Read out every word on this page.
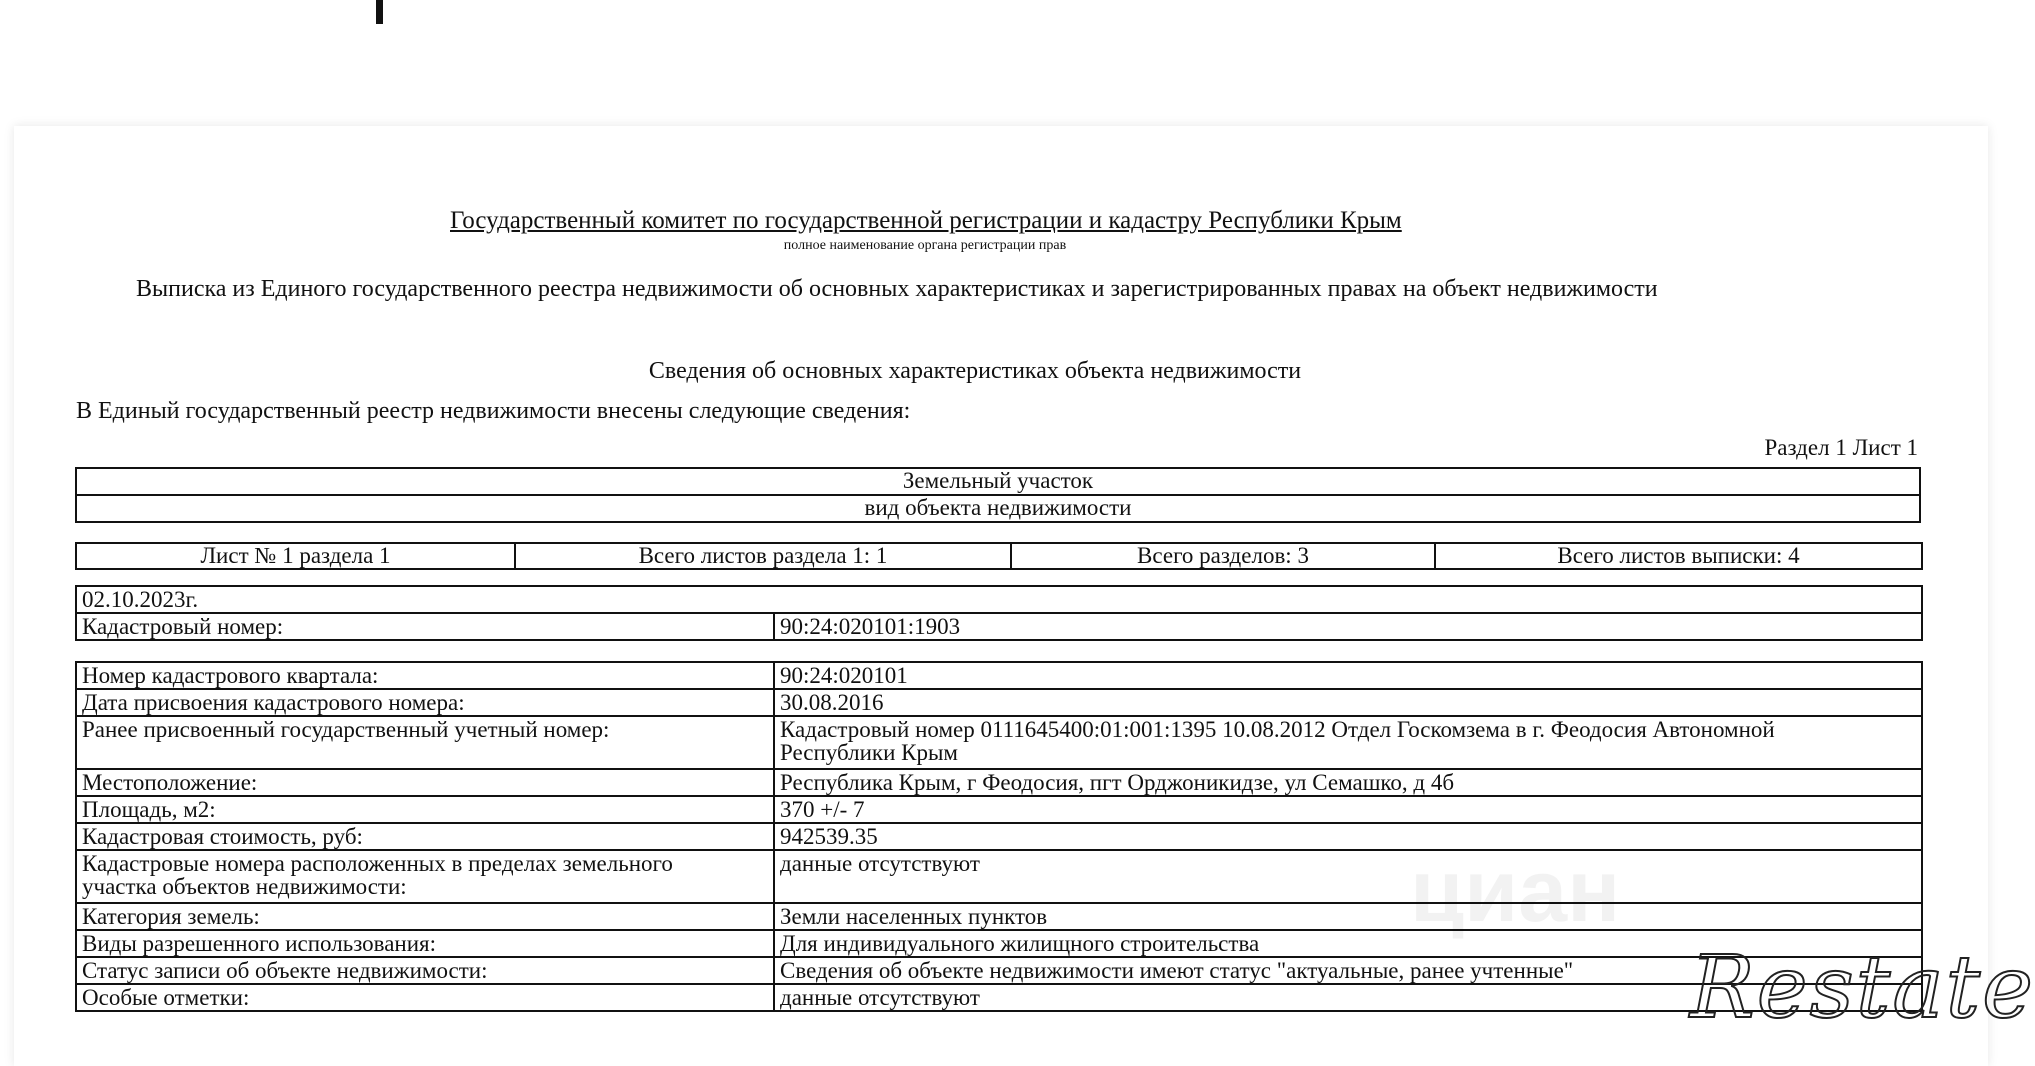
Государственный комитет по государственной регистрации и кадастру Республики Крым
полное наименование органа регистрации прав
Выписка из Единого государственного реестра недвижимости об основных характеристиках и зарегистрированных правах на объект недвижимости
Сведения об основных характеристиках объекта недвижимости
В Единый государственный реестр недвижимости внесены следующие сведения:
Раздел 1 Лист 1
Земельный участок
вид объекта недвижимости
Лист № 1 раздела 1	Всего листов раздела 1: 1	Всего разделов: 3	Всего листов выписки: 4
02.10.2023г.
Кадастровый номер:	90:24:020101:1903
Номер кадастрового квартала:	90:24:020101
Дата присвоения кадастрового номера:	30.08.2016
Ранее присвоенный государственный учетный номер:	Кадастровый номер 0111645400:01:001:1395 10.08.2012 Отдел Госкомзема в г. Феодосия Автономной
Республики Крым

Местоположение:	Республика Крым, г Феодосия, пгт Орджоникидзе, ул Семашко, д 4б
Площадь, м2:	370 +/- 7
Кадастровая стоимость, руб:	942539.35

Кадастровые номера расположенных в пределах земельного
участка объектов недвижимости:	данные отсутствуют
Категория земель:	Земли населенных пунктов
Виды разрешенного использования:	Для индивидуального жилищного строительства
Статус записи об объекте недвижимости:	Сведения об объекте недвижимости имеют статус "актуальные, ранее учтенные"
Особые отметки:	данные отсутствуют
циан
Restate
